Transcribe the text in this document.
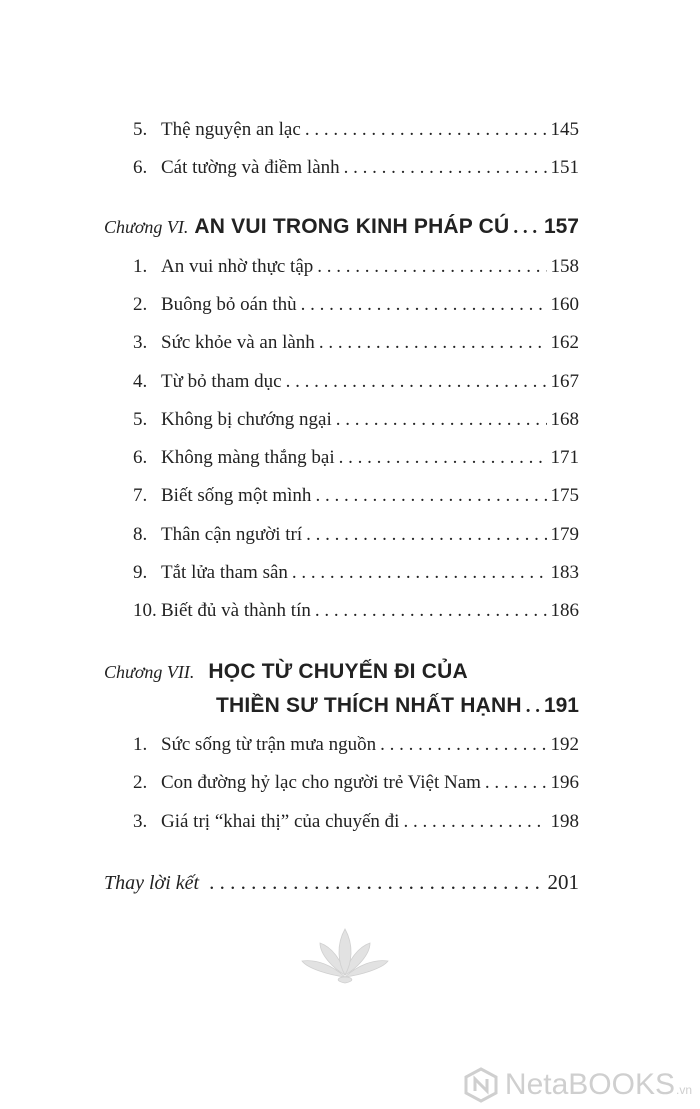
5. Thệ nguyện an lạc . . .	145
6. Cát tường và điềm lành . . .	151
Chương VI. AN VUI TRONG KINH PHÁP CÚ . . . 157
1. An vui nhờ thực tập . . .	158
2. Buông bỏ oán thù . . .	160
3. Sức khỏe và an lành . . .	162
4. Từ bỏ tham dục . . .	167
5. Không bị chướng ngại . . .	168
6. Không màng thắng bại . . .	171
7. Biết sống một mình . . .	175
8. Thân cận người trí . . .	179
9. Tắt lửa tham sân . . .	183
10. Biết đủ và thành tín . . .	186
Chương VII. HỌC TỪ CHUYẾN ĐI CỦA
THIỀN SƯ THÍCH NHẤT HẠNH . . . 191
1. Sức sống từ trận mưa nguồn . . .	192
2. Con đường hỷ lạc cho người trẻ Việt Nam . . .	196
3. Giá trị “khai thị” của chuyến đi . . .	198
Thay lời kết . . .	201
NetaBOOKS .vn
